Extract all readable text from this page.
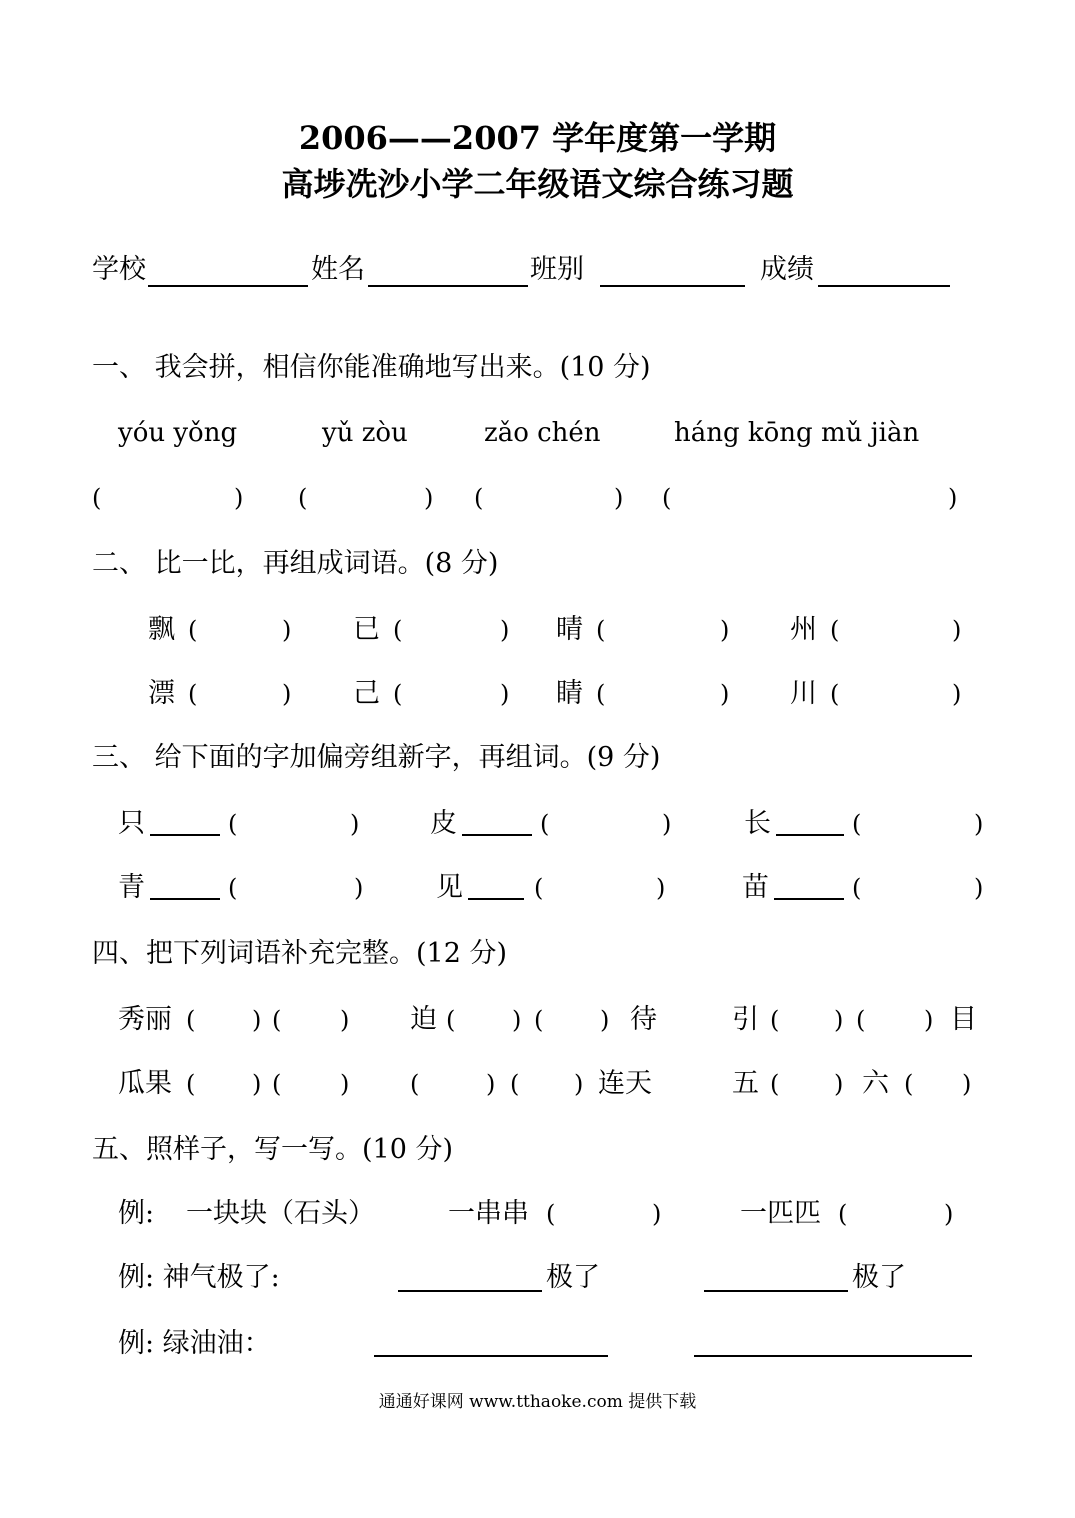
2006——2007 学年度第一学期
高埗冼沙小学二年级语文综合练习题
学校	姓名	班别	成绩
一、 我会拼，相信你能准确地写出来。(10 分)
yóu yǒng	yǔ zòu	zǎo chén	háng kōng mǔ jiàn
(	) (	) (	) (	)
二、 比一比，再组成词语。(8 分)
飘 (	) 已 (	) 晴 (	) 州 (	)
漂 (	) 己 (	) 睛 (	) 川 (	)
三、 给下面的字加偏旁组新字，再组词。(9 分)
只	(	)	皮	(	)	长	(	)
青	(	)	见	(	)	苗	(	)
四、把下列词语补充完整。(12 分)
秀丽 ( ) ( ) 迫 ( ) ( ) 待	引 ( ) ( ) 目
瓜果 ( ) ( )	(	) ( ) 连天	五 ( ) 六 ( )
五、照样子，写一写。(10 分)
例: 一块块（石头）	一串串 (	)	一匹匹 (	)
例: 神气极了:	极了	极了
例: 绿油油：
通通好课网 www.tthaoke.com 提供下载
